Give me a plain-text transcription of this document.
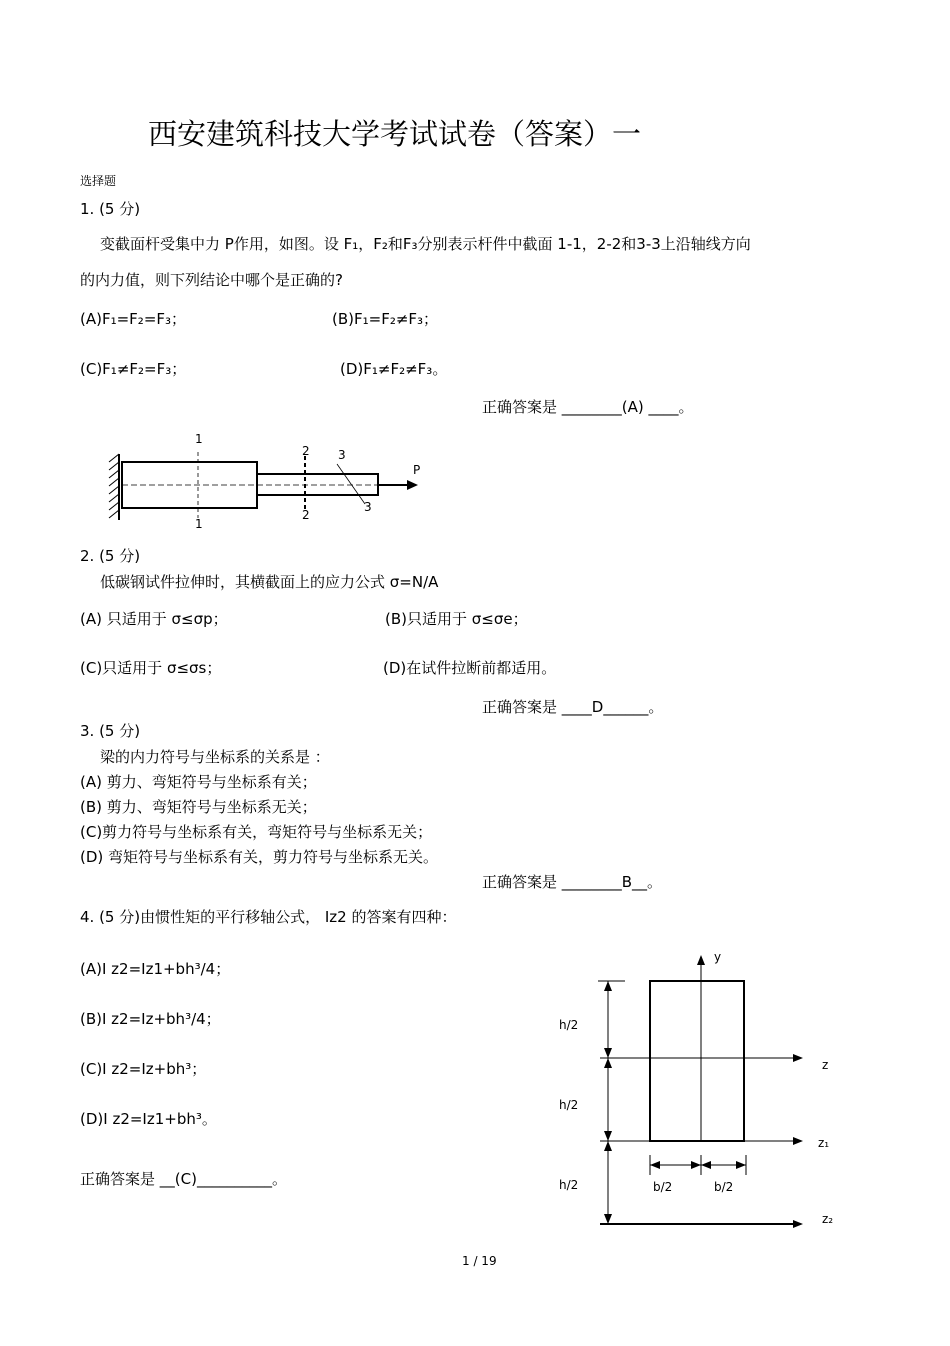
西安建筑科技大学考试试卷（答案）一
选择题
1. (5 分)
变截面杆受集中力 P作用，如图。设 F₁，F₂和F₃分别表示杆件中截面 1-1，2-2和3-3上沿轴线方向
的内力值，则下列结论中哪个是正确的?
(A)F₁=F₂=F₃；	(B)F₁=F₂≠F₃；
(C)F₁≠F₂=F₃；	(D)F₁≠F₂≠F₃。
正确答案是 ________(A) ____。
1
1
2
2
3
3
P
2. (5 分)
低碳钢试件拉伸时，其横截面上的应力公式 σ=N/A
(A) 只适用于 σ≤σp；	(B)只适用于 σ≤σe；
(C)只适用于 σ≤σs；	(D)在试件拉断前都适用。
正确答案是 ____D______。
3. (5 分)
梁的内力符号与坐标系的关系是 ：
(A) 剪力、弯矩符号与坐标系有关；
(B) 剪力、弯矩符号与坐标系无关；
(C)剪力符号与坐标系有关，弯矩符号与坐标系无关；
(D) 弯矩符号与坐标系有关，剪力符号与坐标系无关。
正确答案是 ________B__。
4. (5 分)由惯性矩的平行移轴公式， Iz2 的答案有四种：
(A)I z2=Iz1+bh³/4；
(B)I z2=Iz+bh³/4；
(C)I z2=Iz+bh³；
(D)I z2=Iz1+bh³。
正确答案是 __(C)__________。
y
z
z₁
z₂
h/2
h/2
h/2	b/2	b/2
1 / 19
